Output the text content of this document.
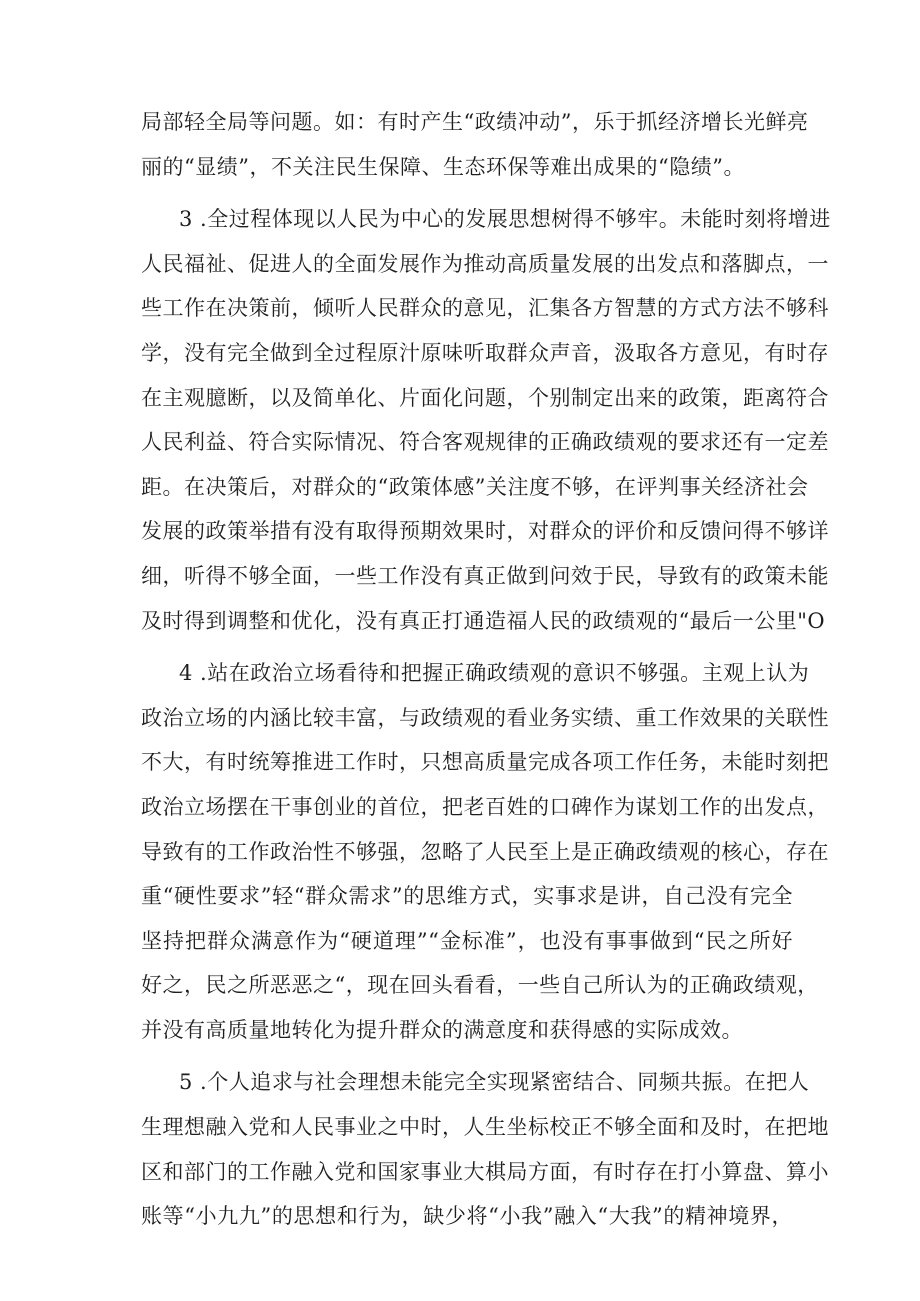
局部轻全局等问题。如：有时产生“政绩冲动”，乐于抓经济增长光鲜亮
丽的“显绩”，不关注民生保障、生态环保等难出成果的“隐绩”。
3 .全过程体现以人民为中心的发展思想树得不够牢。未能时刻将增进
人民福祉、促进人的全面发展作为推动高质量发展的出发点和落脚点，一
些工作在决策前，倾听人民群众的意见，汇集各方智慧的方式方法不够科
学，没有完全做到全过程原汁原味听取群众声音，汲取各方意见，有时存
在主观臆断，以及简单化、片面化问题，个别制定出来的政策，距离符合
人民利益、符合实际情况、符合客观规律的正确政绩观的要求还有一定差
距。在决策后，对群众的“政策体感”关注度不够，在评判事关经济社会
发展的政策举措有没有取得预期效果时，对群众的评价和反馈问得不够详
细，听得不够全面，一些工作没有真正做到问效于民，导致有的政策未能
及时得到调整和优化，没有真正打通造福人民的政绩观的“最后一公里"O
4 .站在政治立场看待和把握正确政绩观的意识不够强。主观上认为
政治立场的内涵比较丰富，与政绩观的看业务实绩、重工作效果的关联性
不大，有时统筹推进工作时，只想高质量完成各项工作任务，未能时刻把
政治立场摆在干事创业的首位，把老百姓的口碑作为谋划工作的出发点，
导致有的工作政治性不够强，忽略了人民至上是正确政绩观的核心，存在
重“硬性要求”轻“群众需求”的思维方式，实事求是讲，自己没有完全
坚持把群众满意作为“硬道理”“金标准”，也没有事事做到“民之所好
好之，民之所恶恶之“，现在回头看看，一些自己所认为的正确政绩观，
并没有高质量地转化为提升群众的满意度和获得感的实际成效。
5 .个人追求与社会理想未能完全实现紧密结合、同频共振。在把人
生理想融入党和人民事业之中时，人生坐标校正不够全面和及时，在把地
区和部门的工作融入党和国家事业大棋局方面，有时存在打小算盘、算小
账等“小九九”的思想和行为，缺少将“小我”融入“大我”的精神境界，
